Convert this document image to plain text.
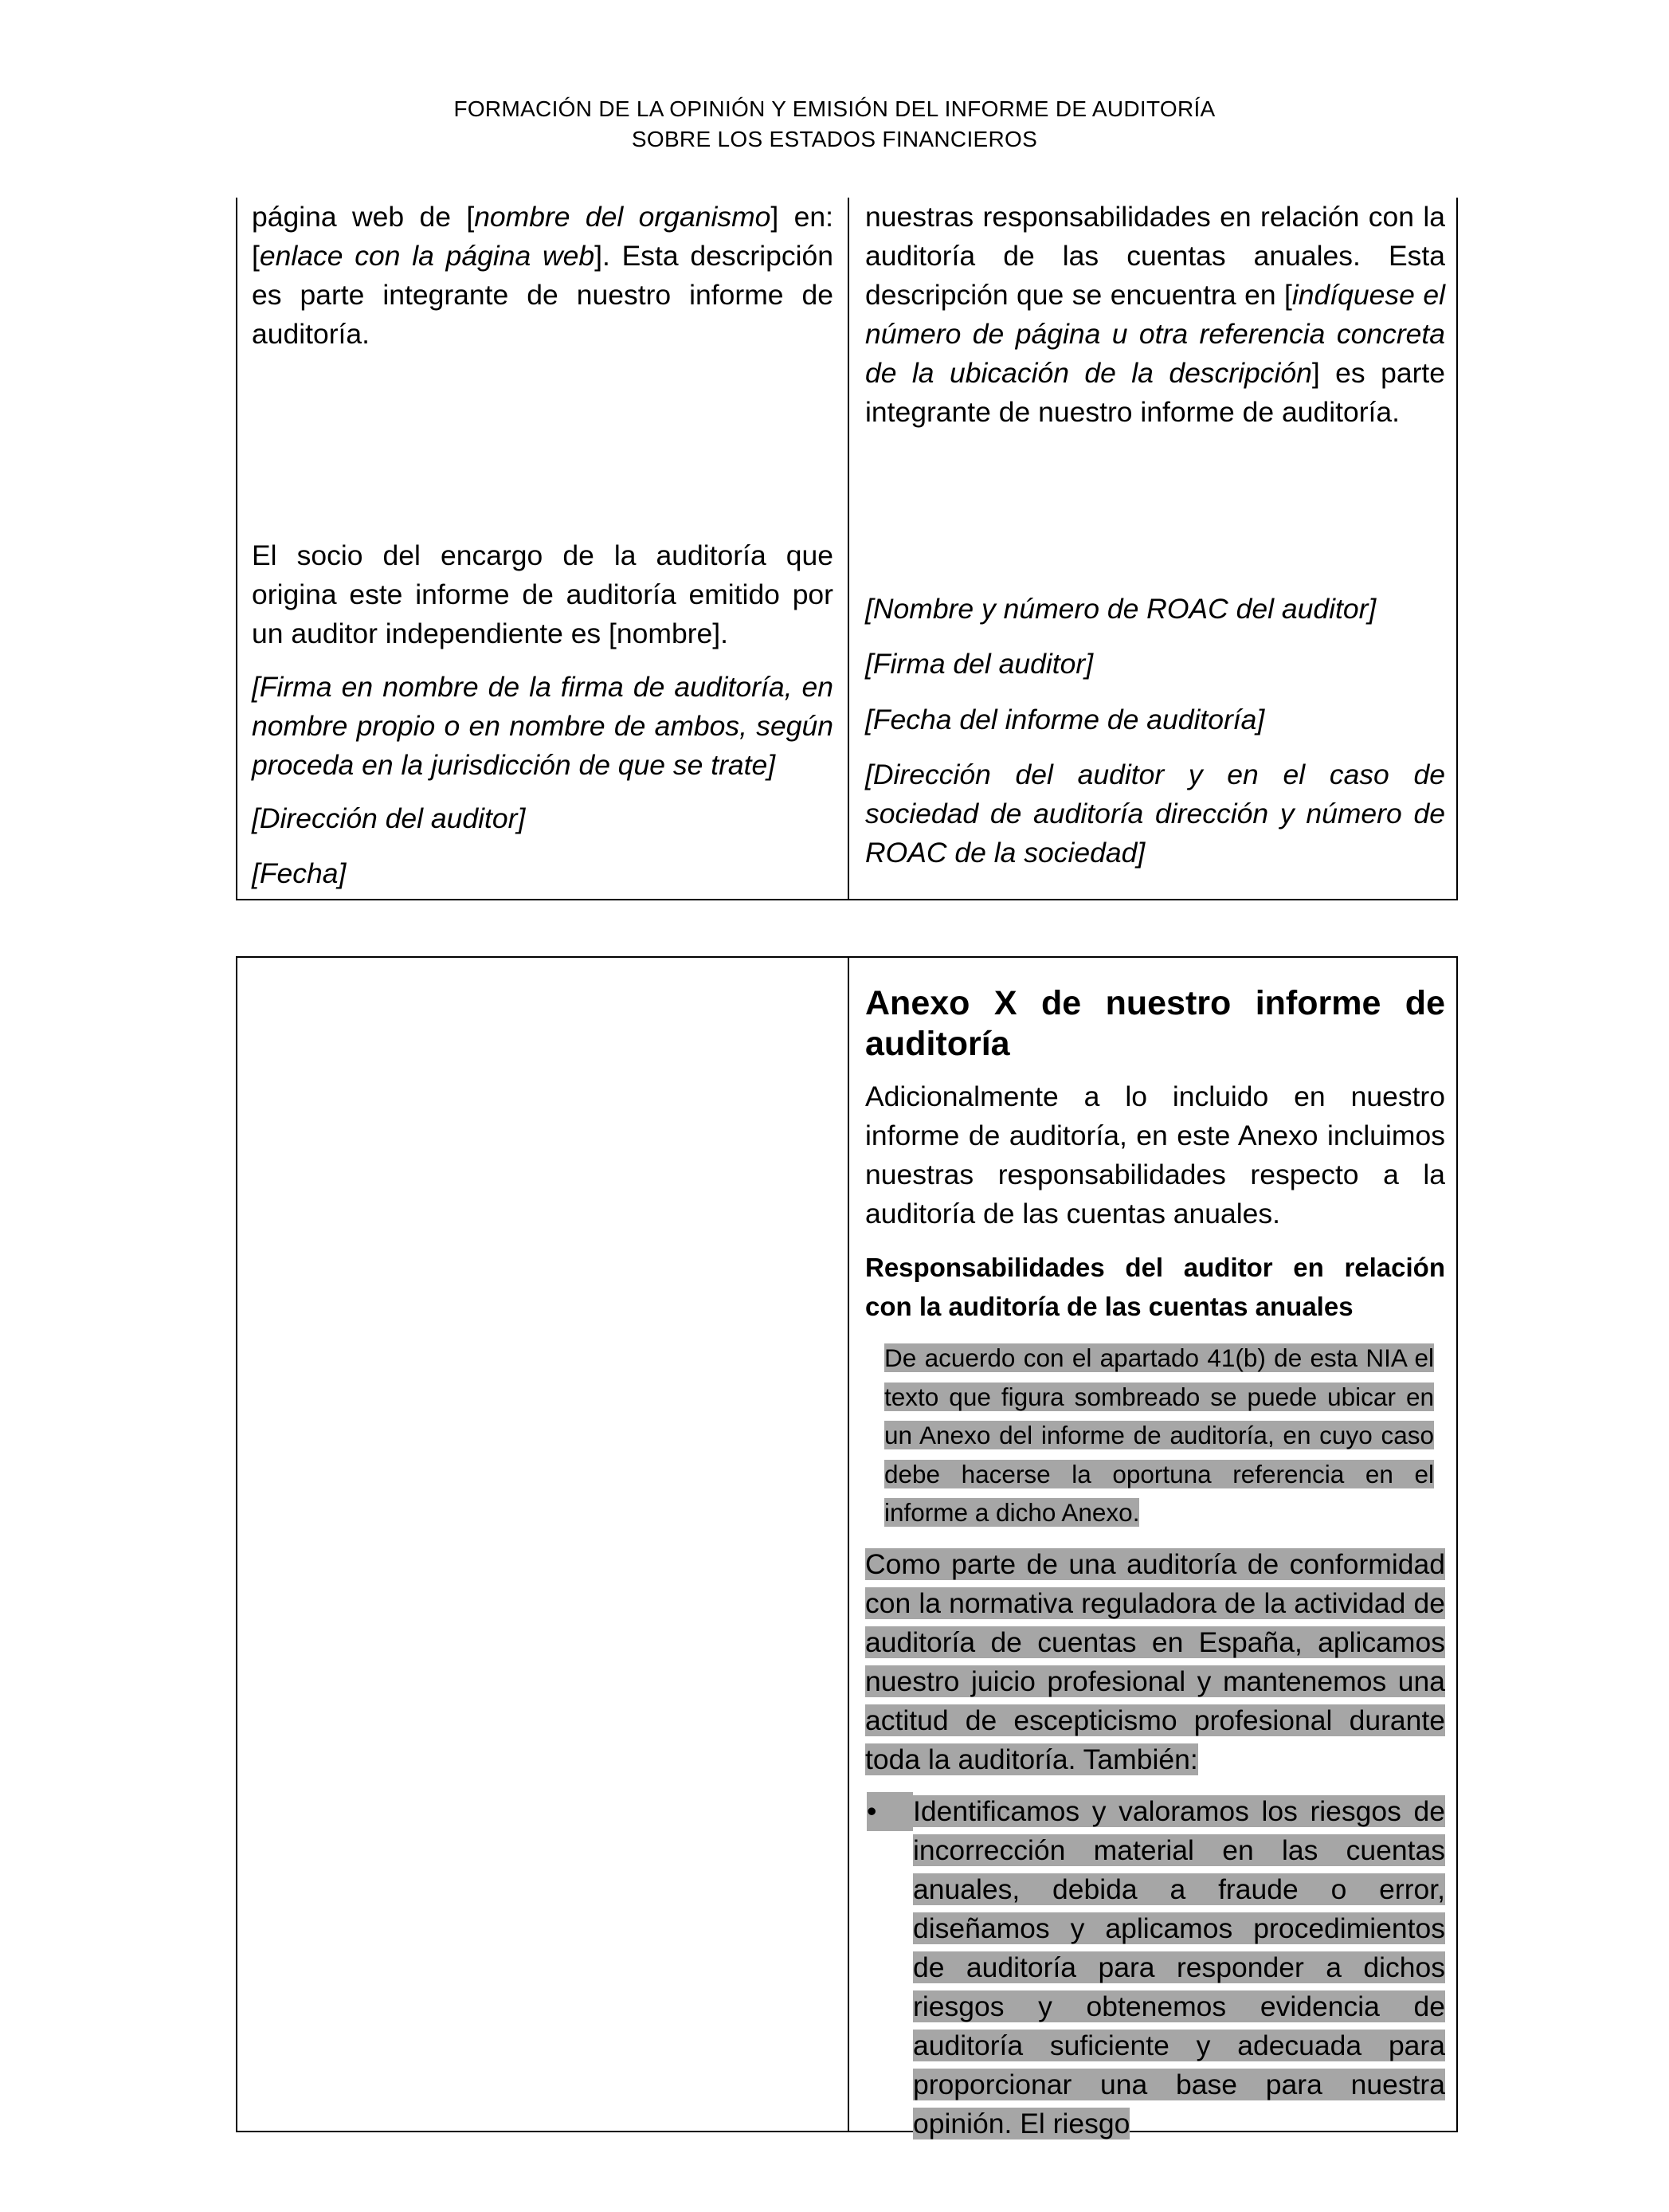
FORMACIÓN DE LA OPINIÓN Y EMISIÓN DEL INFORME DE AUDITORÍA
SOBRE LOS ESTADOS FINANCIEROS

página web de [nombre del organismo] en: [enlace con la página web]. Esta descripción es parte integrante de nuestro informe de auditoría.

El socio del encargo de la auditoría que origina este informe de auditoría emitido por un auditor independiente es [nombre].

[Firma en nombre de la firma de auditoría, en nombre propio o en nombre de ambos, según proceda en la jurisdicción de que se trate]

[Dirección del auditor]

[Fecha]

nuestras responsabilidades en relación con la auditoría de las cuentas anuales. Esta descripción que se encuentra en [indíquese el número de página u otra referencia concreta de la ubicación de la descripción] es parte integrante de nuestro informe de auditoría.

[Nombre y número de ROAC del auditor]

[Firma del auditor]

[Fecha del informe de auditoría]

[Dirección del auditor y en el caso de sociedad de auditoría dirección y número de ROAC de la sociedad]

Anexo X de nuestro informe de auditoría

Adicionalmente a lo incluido en nuestro informe de auditoría, en este Anexo incluimos nuestras responsabilidades respecto a la auditoría de las cuentas anuales.

Responsabilidades del auditor en relación con la auditoría de las cuentas anuales

De acuerdo con el apartado 41(b) de esta NIA el texto que figura sombreado se puede ubicar en un Anexo del informe de auditoría, en cuyo caso debe hacerse la oportuna referencia en el informe a dicho Anexo.

Como parte de una auditoría de conformidad con la normativa reguladora de la actividad de auditoría de cuentas en España, aplicamos nuestro juicio profesional y mantenemos una actitud de escepticismo profesional durante toda la auditoría. También:

•	Identificamos y valoramos los riesgos de incorrección material en las cuentas anuales, debida a fraude o error, diseñamos y aplicamos procedimientos de auditoría para responder a dichos riesgos y obtenemos evidencia de auditoría suficiente y adecuada para proporcionar una base para nuestra opinión. El riesgo
